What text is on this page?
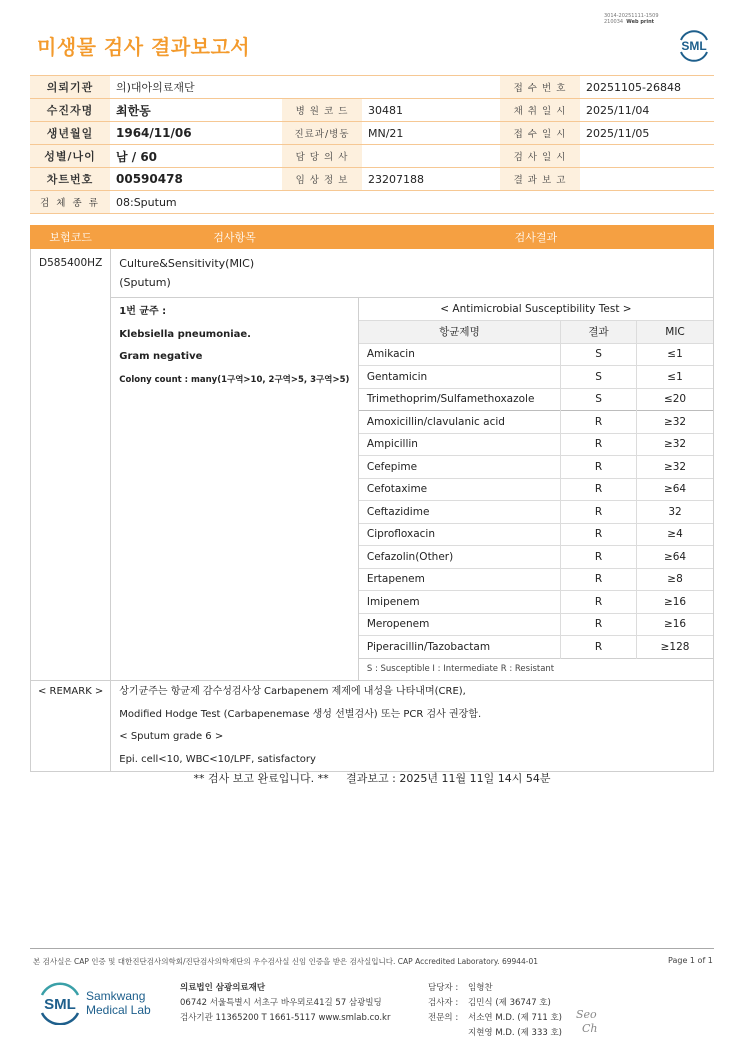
3014-20251111-1509
210034 Web print
미생물 검사 결과보고서	SML
의뢰기관	의)대아의료재단			접 수 번 호	20251105-26848
수진자명	최한동	병 원 코 드	30481	채 취 일 시	2025/11/04
생년월일	1964/11/06	진료과/병동	MN/21	접 수 일 시	2025/11/05
성별/나이	남 / 60	담 당 의 사		검 사 일 시	
차트번호	00590478	임 상 정 보	23207188	결 과 보 고	
검 체 종 류	08:Sputum				
보험코드	검사항목	검사결과
D585400HZ	Culture&Sensitivity(MIC)
(Sputum)

1번 균주 :
Klebsiella pneumoniae.
Gram negative
Colony count : many(1구역>10, 2구역>5, 3구역>5)

< Antimicrobial Susceptibility Test >
항균제명	결과	MIC
Amikacin	S	≤1
Gentamicin	S	≤1
Trimethoprim/Sulfamethoxazole	S	≤20
Amoxicillin/clavulanic acid	R	≥32
Ampicillin	R	≥32
Cefepime	R	≥32
Cefotaxime	R	≥64
Ceftazidime	R	32
Ciprofloxacin	R	≥4
Cefazolin(Other)	R	≥64
Ertapenem	R	≥8
Imipenem	R	≥16
Meropenem	R	≥16
Piperacillin/Tazobactam	R	≥128
S : Susceptible I : Intermediate R : Resistant

< REMARK >	상기균주는 항균제 감수성검사상 Carbapenem 제제에 내성을 나타내며(CRE),
Modified Hodge Test (Carbapenemase 생성 선별검사) 또는 PCR 검사 권장함.
< Sputum grade 6 >
Epi. cell<10, WBC<10/LPF, satisfactory
** 검사 보고 완료입니다. **     결과보고 : 2025년 11월 11일 14시 54분
본 검사실은 CAP 인증 및 대한진단검사의학회/진단검사의학재단의 우수검사실 신임 인증을 받은 검사실입니다. CAP Accredited Laboratory. 69944-01	Page 1 of 1
SML Samkwang
Medical Lab
의료법인 삼광의료재단
06742 서울특별시 서초구 바우뫼로41길 57 삼광빌딩
검사기관 11365200 T 1661-5117 www.smlab.co.kr
담당자 :	임형찬
검사자 :	김민식 (제 36747 호)
전문의 :	서소연 M.D. (제 711 호)
지현영 M.D. (제 333 호)
Seo
Ch
